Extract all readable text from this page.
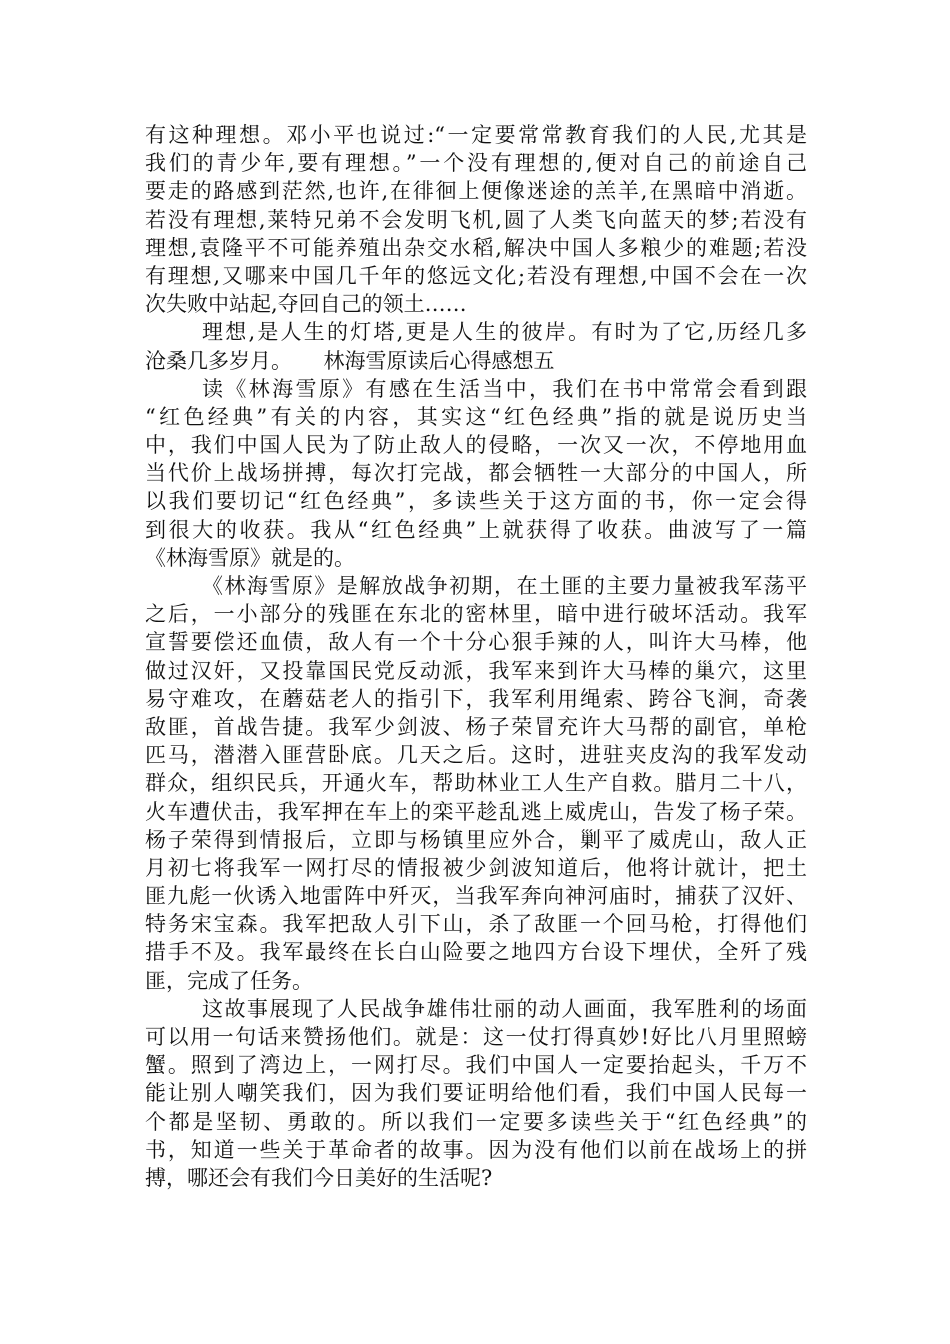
有这种理想。邓小平也说过:“一定要常常教育我们的人民,尤其是
我们的青少年,要有理想。”一个没有理想的,便对自己的前途自己
要走的路感到茫然,也许,在徘徊上便像迷途的羔羊,在黑暗中消逝。
若没有理想,莱特兄弟不会发明飞机,圆了人类飞向蓝天的梦;若没有
理想,袁隆平不可能养殖出杂交水稻,解决中国人多粮少的难题;若没
有理想,又哪来中国几千年的悠远文化;若没有理想,中国不会在一次
次失败中站起,夺回自己的领土……
理想,是人生的灯塔,更是人生的彼岸。有时为了它,历经几多
沧桑几多岁月。　　林海雪原读后心得感想五
读《林海雪原》有感在生活当中，我们在书中常常会看到跟
“红色经典”有关的内容，其实这“红色经典”指的就是说历史当
中，我们中国人民为了防止敌人的侵略，一次又一次，不停地用血
当代价上战场拼搏，每次打完战，都会牺牲一大部分的中国人，所
以我们要切记“红色经典”，多读些关于这方面的书，你一定会得
到很大的收获。我从“红色经典”上就获得了收获。曲波写了一篇
《林海雪原》就是的。
《林海雪原》是解放战争初期，在土匪的主要力量被我军荡平
之后，一小部分的残匪在东北的密林里，暗中进行破坏活动。我军
宣誓要偿还血债，敌人有一个十分心狠手辣的人，叫许大马棒，他
做过汉奸，又投靠国民党反动派，我军来到许大马棒的巢穴，这里
易守难攻，在蘑菇老人的指引下，我军利用绳索、跨谷飞涧，奇袭
敌匪，首战告捷。我军少剑波、杨子荣冒充许大马帮的副官，单枪
匹马，潜潜入匪营卧底。几天之后。这时，进驻夹皮沟的我军发动
群众，组织民兵，开通火车，帮助林业工人生产自救。腊月二十八，
火车遭伏击，我军押在车上的栾平趁乱逃上威虎山，告发了杨子荣。
杨子荣得到情报后，立即与杨镇里应外合，剿平了威虎山，敌人正
月初七将我军一网打尽的情报被少剑波知道后，他将计就计，把土
匪九彪一伙诱入地雷阵中歼灭，当我军奔向神河庙时，捕获了汉奸、
特务宋宝森。我军把敌人引下山，杀了敌匪一个回马枪，打得他们
措手不及。我军最终在长白山险要之地四方台设下埋伏，全歼了残
匪，完成了任务。
这故事展现了人民战争雄伟壮丽的动人画面，我军胜利的场面
可以用一句话来赞扬他们。就是：这一仗打得真妙!好比八月里照螃
蟹。照到了湾边上，一网打尽。我们中国人一定要抬起头，千万不
能让别人嘲笑我们，因为我们要证明给他们看，我们中国人民每一
个都是坚韧、勇敢的。所以我们一定要多读些关于“红色经典”的
书，知道一些关于革命者的故事。因为没有他们以前在战场上的拼
搏，哪还会有我们今日美好的生活呢?
